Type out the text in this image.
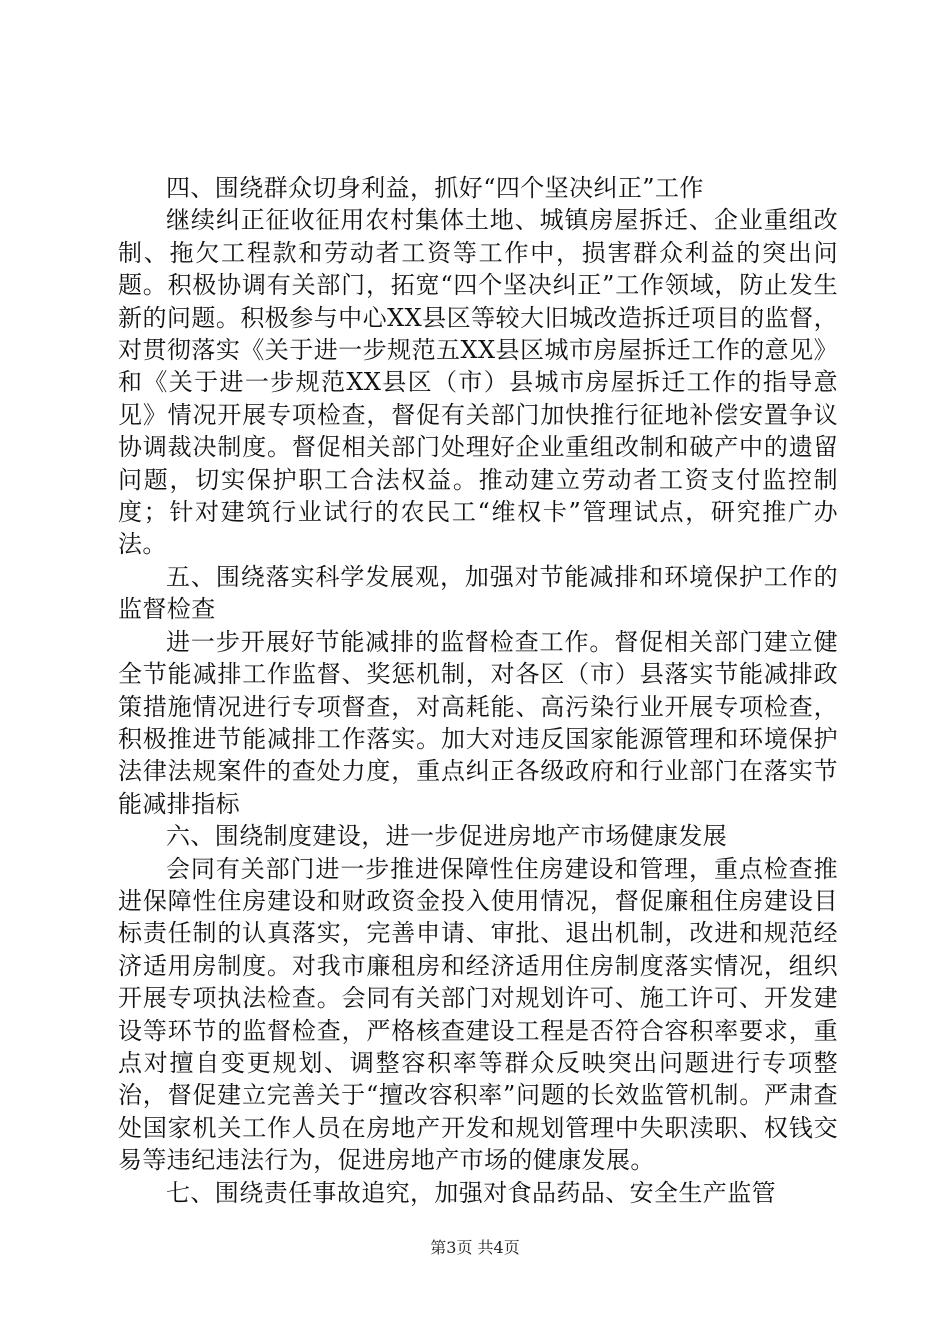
四、围绕群众切身利益，抓好“四个坚决纠正”工作

继续纠正征收征用农村集体土地、城镇房屋拆迁、企业重组改制、拖欠工程款和劳动者工资等工作中，损害群众利益的突出问题。积极协调有关部门，拓宽“四个坚决纠正”工作领域，防止发生新的问题。积极参与中心XX县区等较大旧城改造拆迁项目的监督，对贯彻落实《关于进一步规范五XX县区城市房屋拆迁工作的意见》和《关于进一步规范XX县区（市）县城市房屋拆迁工作的指导意见》情况开展专项检查，督促有关部门加快推行征地补偿安置争议协调裁决制度。督促相关部门处理好企业重组改制和破产中的遗留问题，切实保护职工合法权益。推动建立劳动者工资支付监控制度；针对建筑行业试行的农民工“维权卡”管理试点，研究推广办法。

五、围绕落实科学发展观，加强对节能减排和环境保护工作的监督检查

进一步开展好节能减排的监督检查工作。督促相关部门建立健全节能减排工作监督、奖惩机制，对各区（市）县落实节能减排政策措施情况进行专项督查，对高耗能、高污染行业开展专项检查，积极推进节能减排工作落实。加大对违反国家能源管理和环境保护法律法规案件的查处力度，重点纠正各级政府和行业部门在落实节能减排指标

六、围绕制度建设，进一步促进房地产市场健康发展

会同有关部门进一步推进保障性住房建设和管理，重点检查推进保障性住房建设和财政资金投入使用情况，督促廉租住房建设目标责任制的认真落实，完善申请、审批、退出机制，改进和规范经济适用房制度。对我市廉租房和经济适用住房制度落实情况，组织开展专项执法检查。会同有关部门对规划许可、施工许可、开发建设等环节的监督检查，严格核查建设工程是否符合容积率要求，重点对擅自变更规划、调整容积率等群众反映突出问题进行专项整治，督促建立完善关于“擅改容积率”问题的长效监管机制。严肃查处国家机关工作人员在房地产开发和规划管理中失职渎职、权钱交易等违纪违法行为，促进房地产市场的健康发展。

七、围绕责任事故追究，加强对食品药品、安全生产监管

第3页 共4页
